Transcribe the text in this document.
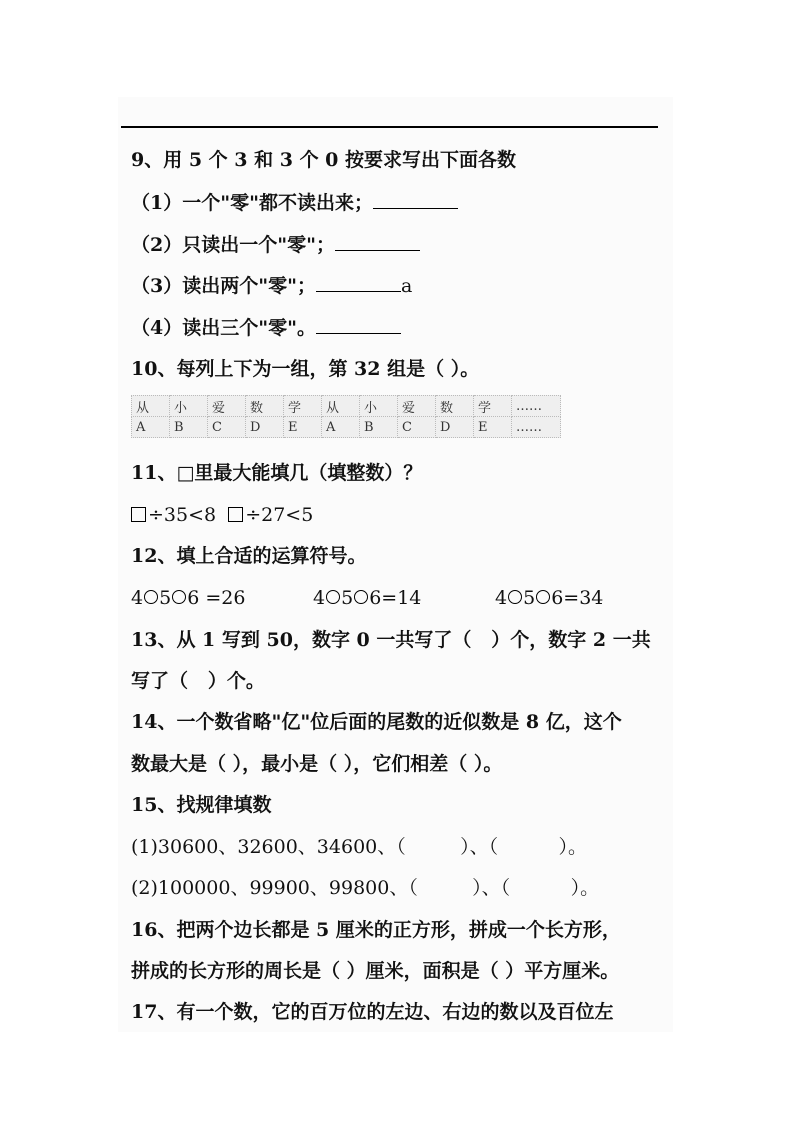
9、用 5 个 3 和 3 个 0 按要求写出下面各数
（1）一个"零"都不读出来；
（2）只读出一个"零"；
（3）读出两个"零"；	a
（4）读出三个"零"。
10、每列上下为一组，第 32 组是（ ）。
从	小	爱	数	学	从	小	爱	数	学	……
A	B	C	D	E	A	B	C	D	E	……
11、□里最大能填几（填整数）？
÷35<8 ÷27<5
12、填上合适的运算符号。
4 5 6 =26	4 5 6=14	4 5 6=34
13、从 1 写到 50，数字 0 一共写了（   ）个，数字 2 一共
写了（   ）个。
14、一个数省略"亿"位后面的尾数的近似数是 8 亿，这个
数最大是（ ），最小是（ ），它们相差（ ）。
15、找规律填数
(1)30600、32600、34600、（         ）、（          ）。
(2)100000、99900、99800、（         ）、（          ）。
16、把两个边长都是 5 厘米的正方形，拼成一个长方形，
拼成的长方形的周长是（ ）厘米，面积是（ ）平方厘米。
17、有一个数，它的百万位的左边、右边的数以及百位左
